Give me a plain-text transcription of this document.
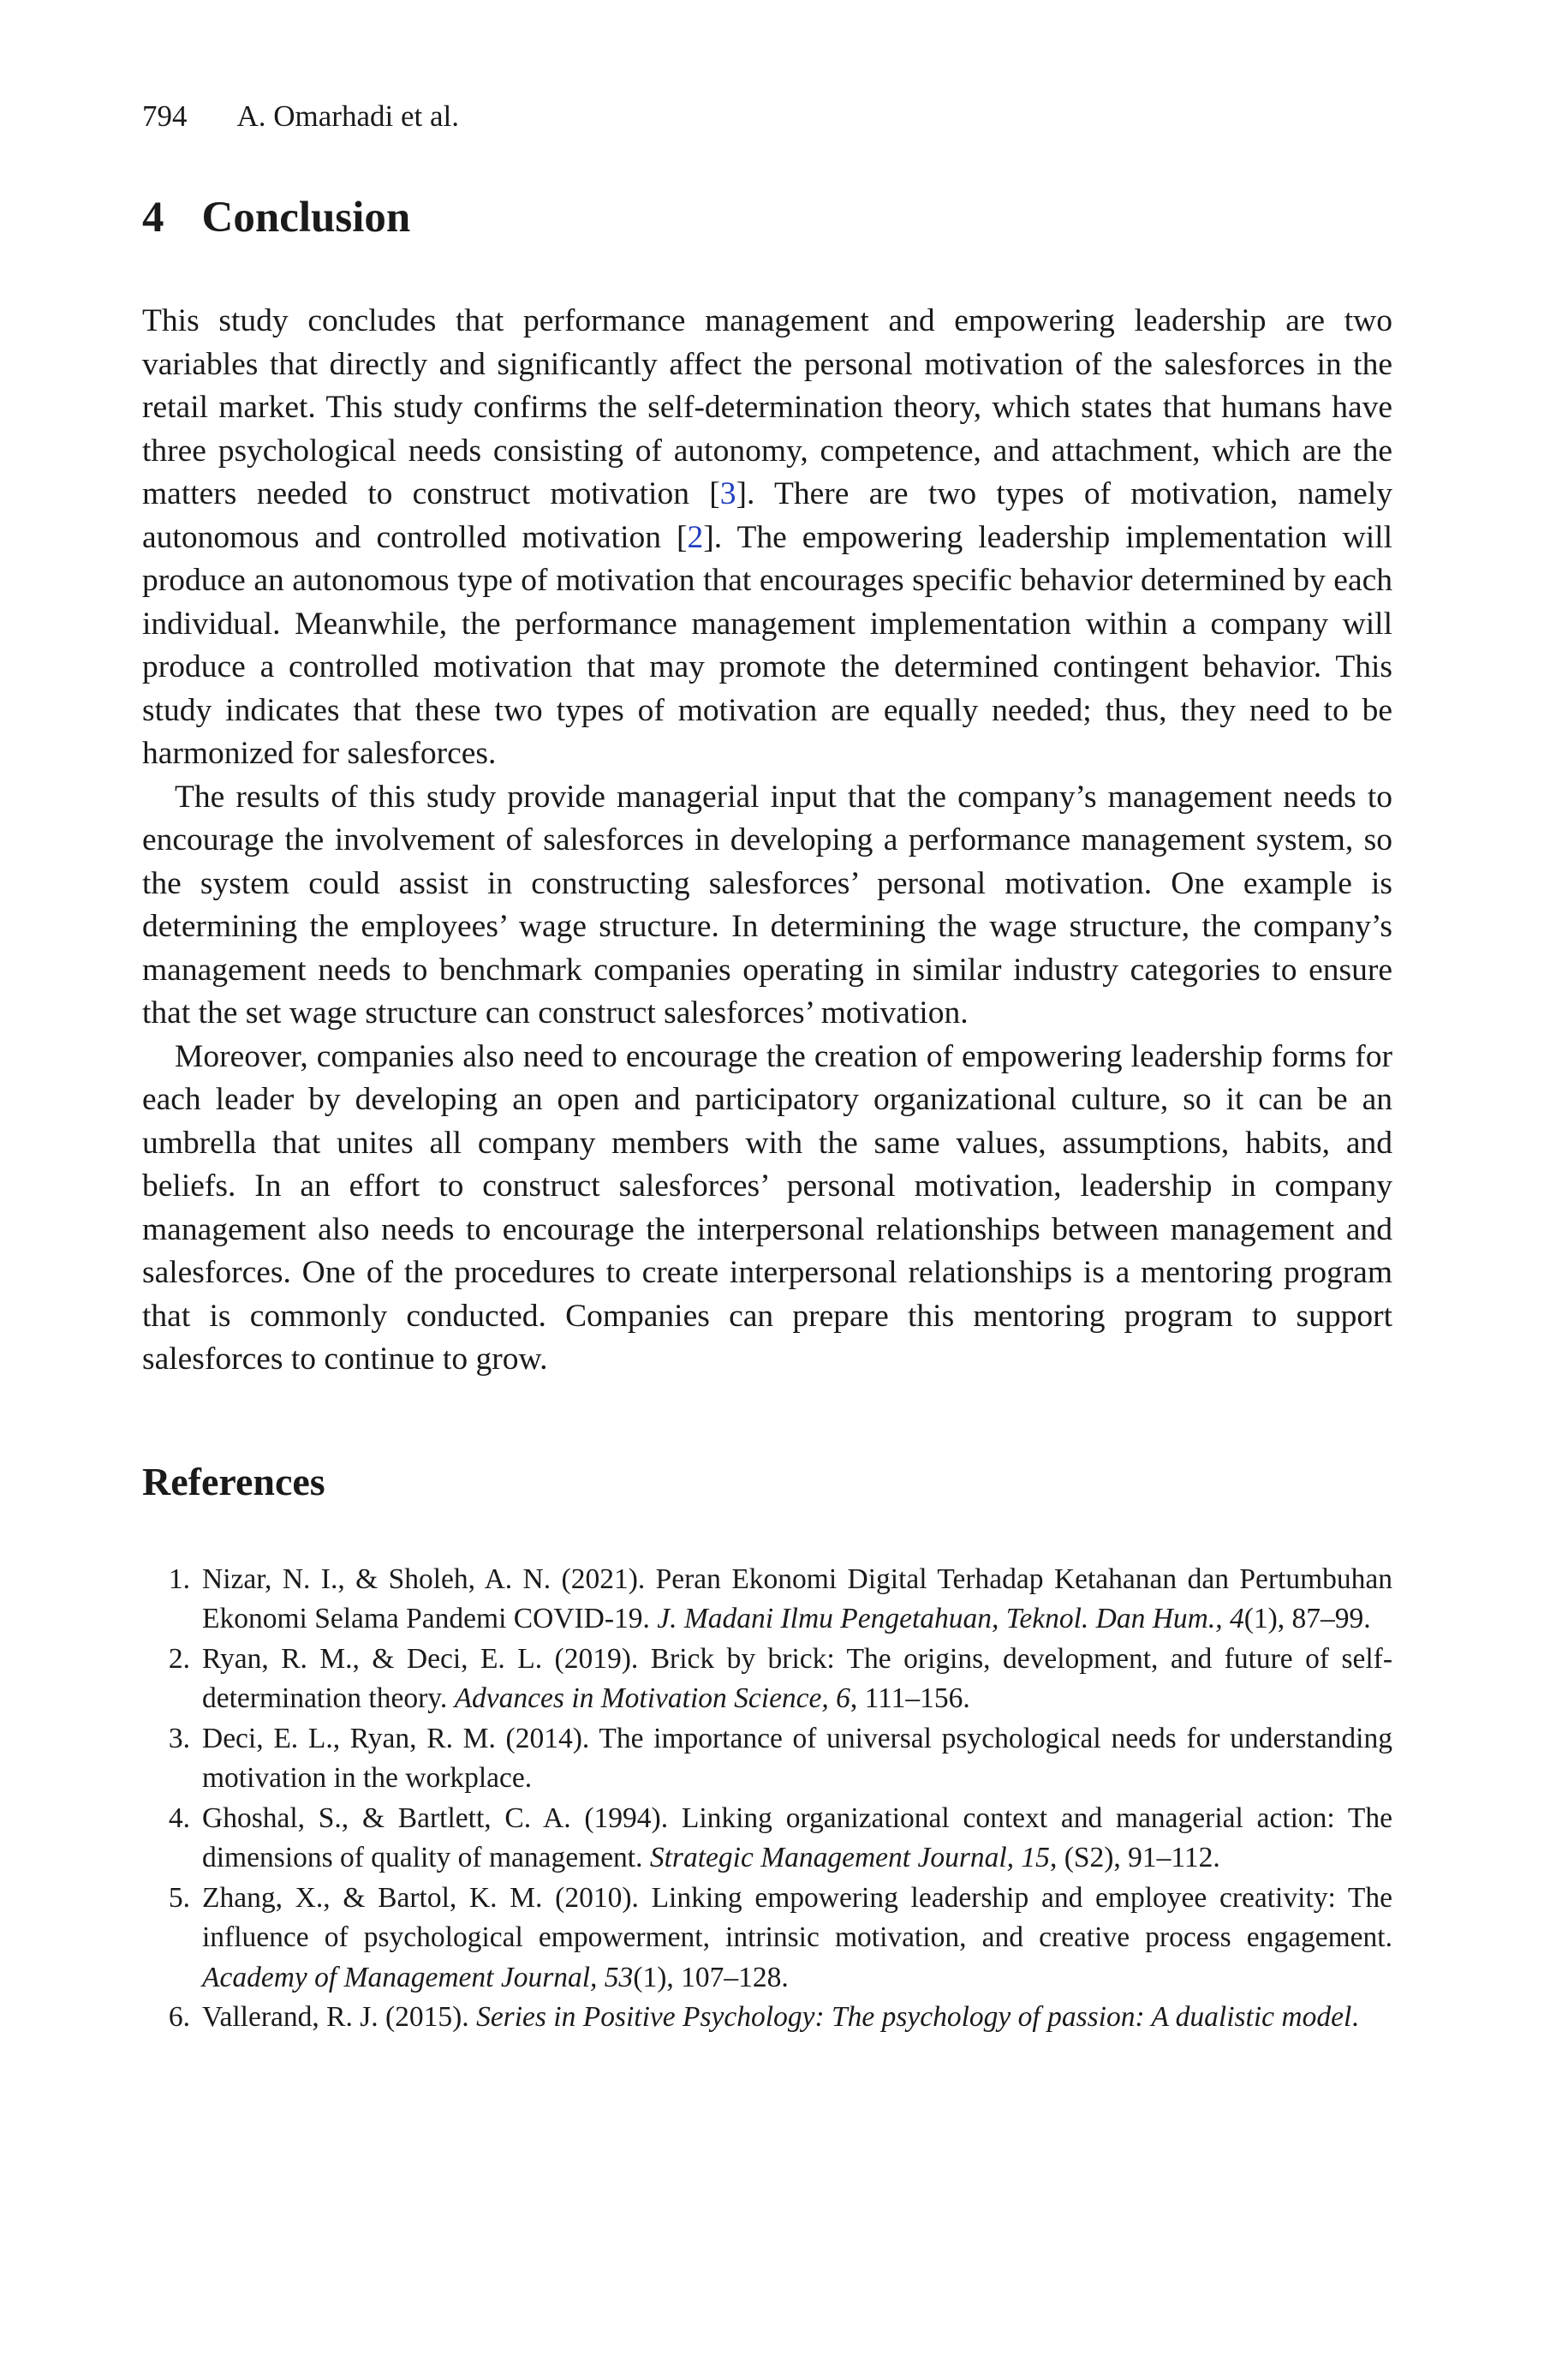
794 A. Omarhadi et al.
4 Conclusion

This study concludes that performance management and empowering leadership are two variables that directly and significantly affect the personal motivation of the salesforces in the retail market. This study confirms the self-determination theory, which states that humans have three psychological needs consisting of autonomy, competence, and attachment, which are the matters needed to construct motivation [3]. There are two types of motivation, namely autonomous and controlled motivation [2]. The empowering leadership implementation will produce an autonomous type of motivation that encourages specific behavior determined by each individual. Meanwhile, the performance management implementation within a company will produce a controlled motivation that may promote the determined contingent behavior. This study indicates that these two types of motivation are equally needed; thus, they need to be harmonized for salesforces.

The results of this study provide managerial input that the company’s management needs to encourage the involvement of salesforces in developing a performance management system, so the system could assist in constructing salesforces’ personal motivation. One example is determining the employees’ wage structure. In determining the wage structure, the company’s management needs to benchmark companies operating in similar industry categories to ensure that the set wage structure can construct salesforces’ motivation.

Moreover, companies also need to encourage the creation of empowering leadership forms for each leader by developing an open and participatory organizational culture, so it can be an umbrella that unites all company members with the same values, assumptions, habits, and beliefs. In an effort to construct salesforces’ personal motivation, leadership in company management also needs to encourage the interpersonal relationships between management and salesforces. One of the procedures to create interpersonal relationships is a mentoring program that is commonly conducted. Companies can prepare this mentoring program to support salesforces to continue to grow.

References
1. Nizar, N. I., & Sholeh, A. N. (2021). Peran Ekonomi Digital Terhadap Ketahanan dan Pertumbuhan Ekonomi Selama Pandemi COVID-19. J. Madani Ilmu Pengetahuan, Teknol. Dan Hum., 4(1), 87–99.
2. Ryan, R. M., & Deci, E. L. (2019). Brick by brick: The origins, development, and future of self-determination theory. Advances in Motivation Science, 6, 111–156.
3. Deci, E. L., Ryan, R. M. (2014). The importance of universal psychological needs for understanding motivation in the workplace.
4. Ghoshal, S., & Bartlett, C. A. (1994). Linking organizational context and managerial action: The dimensions of quality of management. Strategic Management Journal, 15, (S2), 91–112.
5. Zhang, X., & Bartol, K. M. (2010). Linking empowering leadership and employee creativity: The influence of psychological empowerment, intrinsic motivation, and creative process engagement. Academy of Management Journal, 53(1), 107–128.
6. Vallerand, R. J. (2015). Series in Positive Psychology: The psychology of passion: A dualistic model.
